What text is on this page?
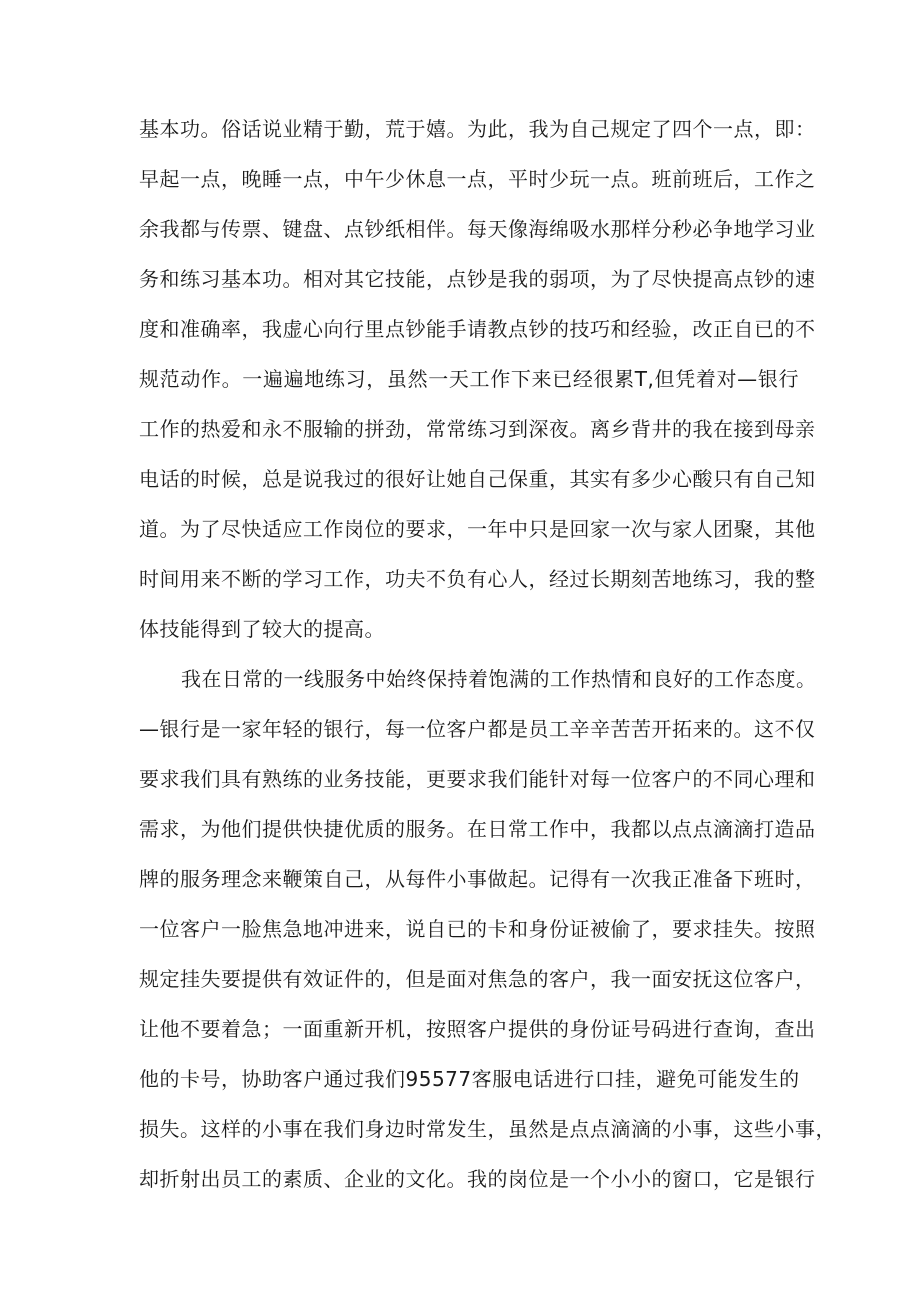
基本功。俗话说业精于勤，荒于嬉。为此，我为自己规定了四个一点，即：
早起一点，晚睡一点，中午少休息一点，平时少玩一点。班前班后，工作之
余我都与传票、键盘、点钞纸相伴。每天像海绵吸水那样分秒必争地学习业
务和练习基本功。相对其它技能，点钞是我的弱项，为了尽快提高点钞的速
度和准确率，我虚心向行里点钞能手请教点钞的技巧和经验，改正自已的不
规范动作。一遍遍地练习，虽然一天工作下来已经很累T,但凭着对—银行
工作的热爱和永不服输的拼劲，常常练习到深夜。离乡背井的我在接到母亲
电话的时候，总是说我过的很好让她自己保重，其实有多少心酸只有自己知
道。为了尽快适应工作岗位的要求，一年中只是回家一次与家人团聚，其他
时间用来不断的学习工作，功夫不负有心人，经过长期刻苦地练习，我的整
体技能得到了较大的提高。
我在日常的一线服务中始终保持着饱满的工作热情和良好的工作态度。
—银行是一家年轻的银行，每一位客户都是员工辛辛苦苦开拓来的。这不仅
要求我们具有熟练的业务技能，更要求我们能针对每一位客户的不同心理和
需求，为他们提供快捷优质的服务。在日常工作中，我都以点点滴滴打造品
牌的服务理念来鞭策自己，从每件小事做起。记得有一次我正准备下班时，
一位客户一脸焦急地冲进来，说自已的卡和身份证被偷了，要求挂失。按照
规定挂失要提供有效证件的，但是面对焦急的客户，我一面安抚这位客户，
让他不要着急；一面重新开机，按照客户提供的身份证号码进行查询，查出
他的卡号，协助客户通过我们95577客服电话进行口挂，避免可能发生的
损失。这样的小事在我们身边时常发生，虽然是点点滴滴的小事，这些小事，
却折射出员工的素质、企业的文化。我的岗位是一个小小的窗口，它是银行
